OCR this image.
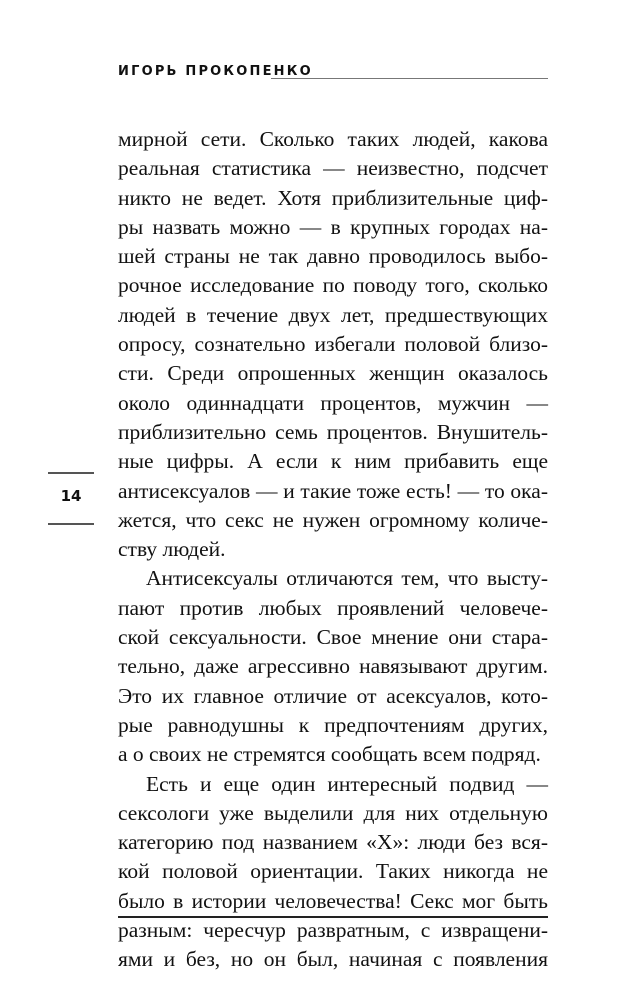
ИГОРЬ ПРОКОПЕНКО
14
мирной сети. Сколько таких людей, какова
реальная статистика — неизвестно, подсчет
никто не ведет. Хотя приблизительные циф-
ры назвать можно — в крупных городах на-
шей страны не так давно проводилось выбо-
рочное исследование по поводу того, сколько
людей в течение двух лет, предшествующих
опросу, сознательно избегали половой близо-
сти. Среди опрошенных женщин оказалось
около одиннадцати процентов, мужчин —
приблизительно семь процентов. Внушитель-
ные цифры. А если к ним прибавить еще
антисексуалов — и такие тоже есть! — то ока-
жется, что секс не нужен огромному количе-
ству людей.
Антисексуалы отличаются тем, что высту-
пают против любых проявлений человече-
ской сексуальности. Свое мнение они стара-
тельно, даже агрессивно навязывают другим.
Это их главное отличие от асексуалов, кото-
рые равнодушны к предпочтениям других,
а о своих не стремятся сообщать всем подряд.
Есть и еще один интересный подвид —
сексологи уже выделили для них отдельную
категорию под названием «Х»: люди без вся-
кой половой ориентации. Таких никогда не
было в истории человечества! Секс мог быть
разным: чересчур развратным, с извращени-
ями и без, но он был, начиная с появления
